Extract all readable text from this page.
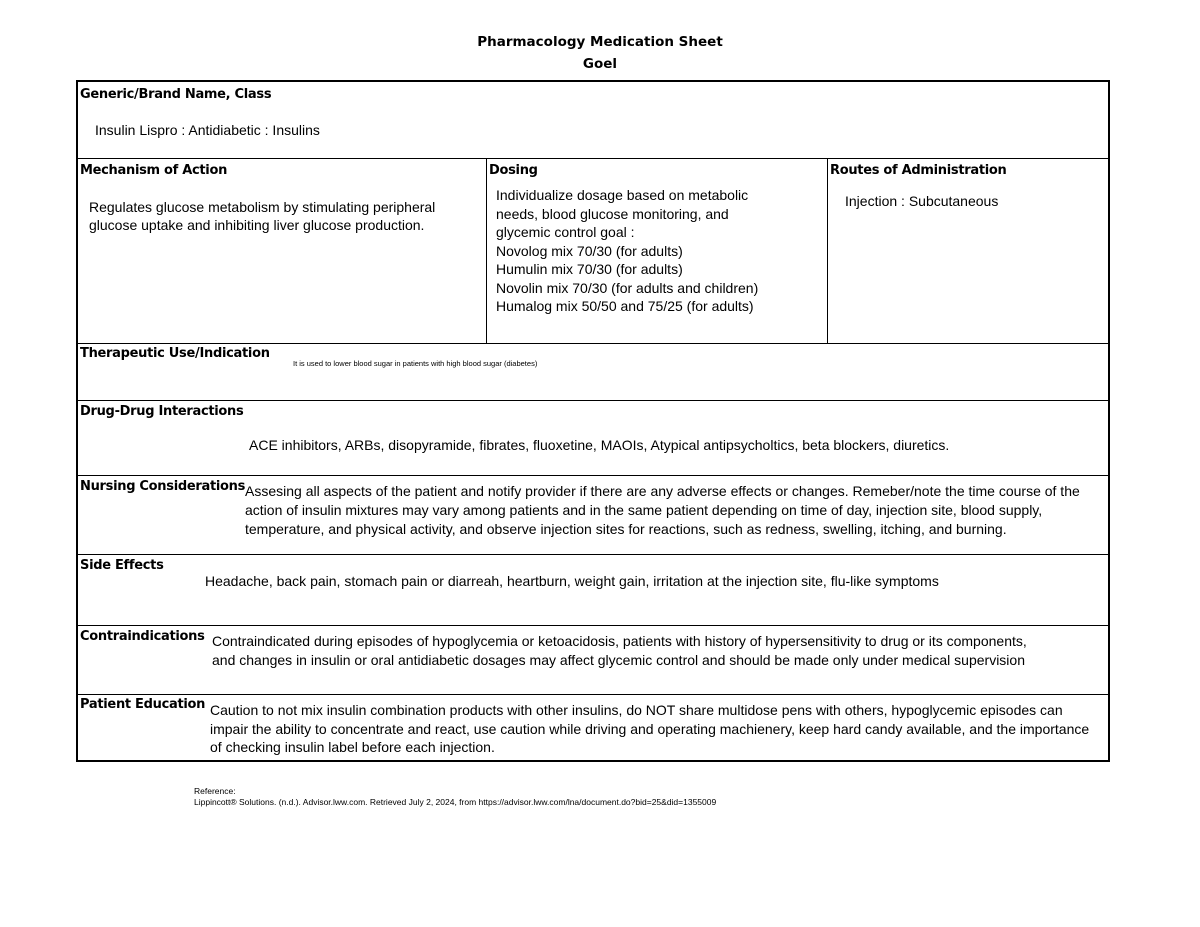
Pharmacology Medication Sheet
Goel
Generic/Brand Name, Class
Insulin Lispro : Antidiabetic : Insulins
Mechanism of Action
Regulates glucose metabolism by stimulating peripheral glucose uptake and inhibiting liver glucose production.
Dosing
Individualize dosage based on metabolic
needs, blood glucose monitoring, and
glycemic control goal :
Novolog mix 70/30 (for adults)
Humulin mix 70/30 (for adults)
Novolin mix 70/30 (for adults and children)
Humalog mix 50/50 and 75/25 (for adults)
Routes of Administration
Injection : Subcutaneous
Therapeutic Use/Indication
It is used to lower blood sugar in patients with high blood sugar (diabetes)
Drug-Drug Interactions
ACE inhibitors, ARBs, disopyramide, fibrates, fluoxetine, MAOIs, Atypical antipsycholtics, beta blockers, diuretics.
Nursing Considerations Assesing all aspects of the patient and notify provider if there are any adverse effects or changes. Remeber/note the time course of the action of insulin mixtures may vary among patients and in the same patient depending on time of day, injection site, blood supply, temperature, and physical activity, and observe injection sites for reactions, such as redness, swelling, itching, and burning.
Side Effects
Headache, back pain, stomach pain or diarreah, heartburn, weight gain, irritation at the injection site, flu-like symptoms
Contraindications Contraindicated during episodes of hypoglycemia or ketoacidosis, patients with history of hypersensitivity to drug or its components, and changes in insulin or oral antidiabetic dosages may affect glycemic control and should be made only under medical supervision
Patient Education Caution to not mix insulin combination products with other insulins, do NOT share multidose pens with others, hypoglycemic episodes can impair the ability to concentrate and react, use caution while driving and operating machienery, keep hard candy available, and the importance of checking insulin label before each injection.
Reference:
Lippincott® Solutions. (n.d.). Advisor.lww.com. Retrieved July 2, 2024, from https://advisor.lww.com/lna/document.do?bid=25&did=1355009
